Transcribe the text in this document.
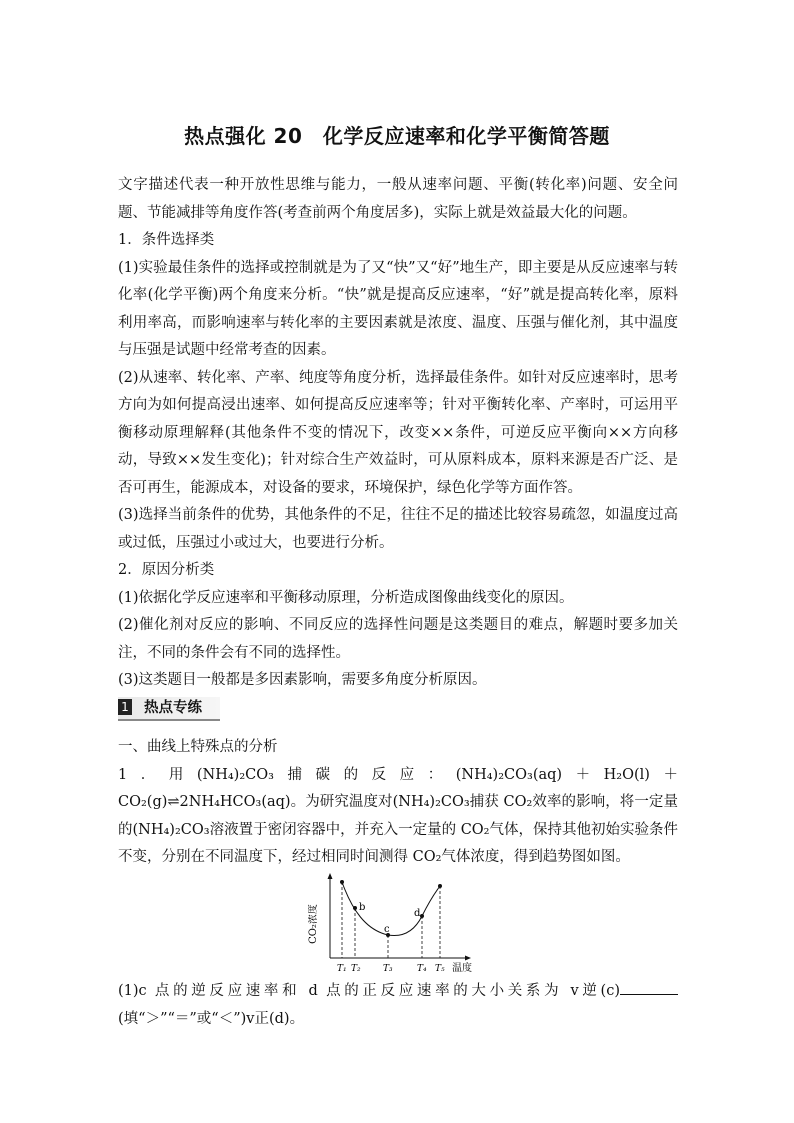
热点强化 20　化学反应速率和化学平衡简答题

文字描述代表一种开放性思维与能力，一般从速率问题、平衡(转化率)问题、安全问题、节能减排等角度作答(考查前两个角度居多)，实际上就是效益最大化的问题。

1．条件选择类

(1)实验最佳条件的选择或控制就是为了又“快”又“好”地生产，即主要是从反应速率与转化率(化学平衡)两个角度来分析。“快”就是提高反应速率，“好”就是提高转化率，原料利用率高，而影响速率与转化率的主要因素就是浓度、温度、压强与催化剂，其中温度与压强是试题中经常考查的因素。

(2)从速率、转化率、产率、纯度等角度分析，选择最佳条件。如针对反应速率时，思考方向为如何提高浸出速率、如何提高反应速率等；针对平衡转化率、产率时，可运用平衡移动原理解释(其他条件不变的情况下，改变××条件，可逆反应平衡向××方向移动，导致××发生变化)；针对综合生产效益时，可从原料成本，原料来源是否广泛、是否可再生，能源成本，对设备的要求，环境保护，绿色化学等方面作答。

(3)选择当前条件的优势，其他条件的不足，往往不足的描述比较容易疏忽，如温度过高或过低，压强过小或过大，也要进行分析。

2．原因分析类

(1)依据化学反应速率和平衡移动原理，分析造成图像曲线变化的原因。

(2)催化剂对反应的影响、不同反应的选择性问题是这类题目的难点，解题时要多加关注，不同的条件会有不同的选择性。

(3)这类题目一般都是多因素影响，需要多角度分析原因。

1 热点专练

一、曲线上特殊点的分析

1．用(NH₄)₂CO₃捕碳的反应：(NH₄)₂CO₃(aq)＋H₂O(l)＋CO₂(g)⇌2NH₄HCO₃(aq)。为研究温度对(NH₄)₂CO₃捕获 CO₂效率的影响，将一定量的(NH₄)₂CO₃溶液置于密闭容器中，并充入一定量的 CO₂气体，保持其他初始实验条件不变，分别在不同温度下，经过相同时间测得 CO₂气体浓度，得到趋势图如图。

CO₂浓度	b
c
d
T₁ T₂ T₃	T₄ T₅ 温度

(1)c 点的逆反应速率和 d 点的正反应速率的大小关系为 v逆(c)(填“＞”“＝”或“＜”)v正(d)。
